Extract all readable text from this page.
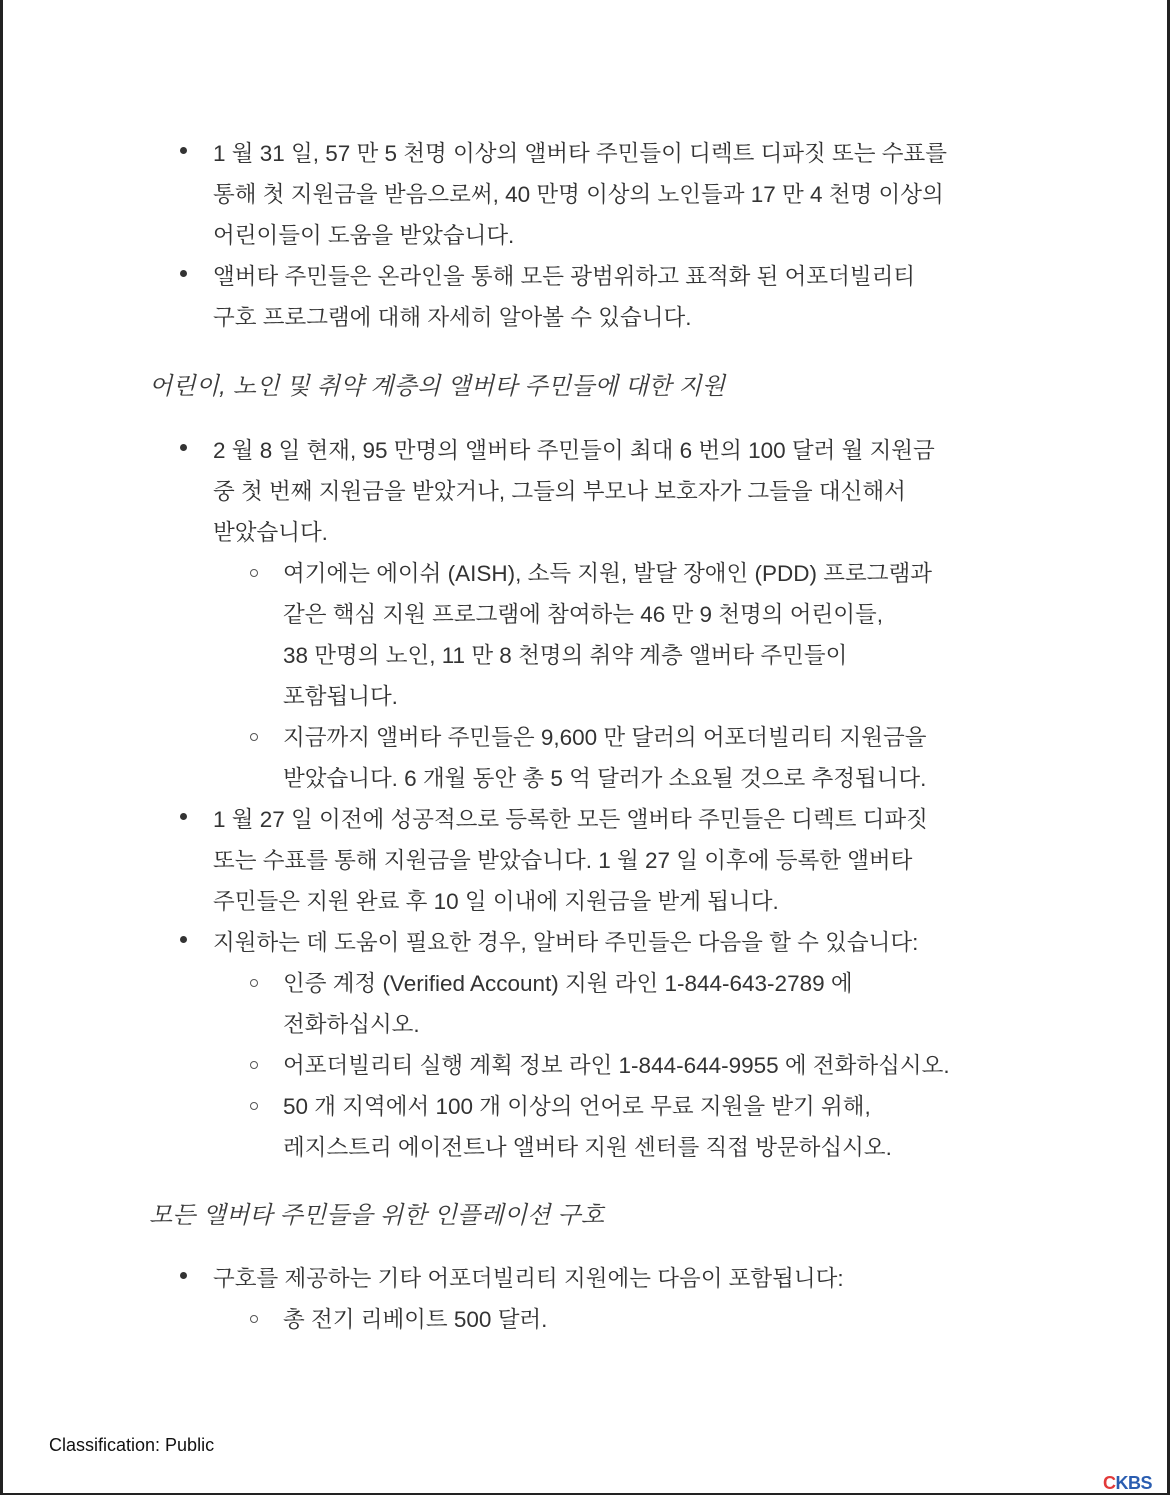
1 월 31 일, 57 만 5 천명 이상의 앨버타 주민들이 디렉트 디파짓 또는 수표를
통해 첫 지원금을 받음으로써, 40 만명 이상의 노인들과 17 만 4 천명 이상의
어린이들이 도움을 받았습니다.
앨버타 주민들은 온라인을 통해 모든 광범위하고 표적화 된 어포더빌리티
구호 프로그램에 대해 자세히 알아볼 수 있습니다.
어린이, 노인 및 취약 계층의 앨버타 주민들에 대한 지원
2 월 8 일 현재, 95 만명의 앨버타 주민들이 최대 6 번의 100 달러 월 지원금
중 첫 번째 지원금을 받았거나, 그들의 부모나 보호자가 그들을 대신해서
받았습니다.
여기에는 에이쉬 (AISH), 소득 지원, 발달 장애인 (PDD) 프로그램과
같은 핵심 지원 프로그램에 참여하는 46 만 9 천명의 어린이들,
38 만명의 노인, 11 만 8 천명의 취약 계층 앨버타 주민들이
포함됩니다.
지금까지 앨버타 주민들은 9,600 만 달러의 어포더빌리티 지원금을
받았습니다. 6 개월 동안 총 5 억 달러가 소요될 것으로 추정됩니다.
1 월 27 일 이전에 성공적으로 등록한 모든 앨버타 주민들은 디렉트 디파짓
또는 수표를 통해 지원금을 받았습니다. 1 월 27 일 이후에 등록한 앨버타
주민들은 지원 완료 후 10 일 이내에 지원금을 받게 됩니다.
지원하는 데 도움이 필요한 경우, 알버타 주민들은 다음을 할 수 있습니다:
인증 계정 (Verified Account) 지원 라인 1-844-643-2789 에
전화하십시오.
어포더빌리티 실행 계획 정보 라인 1-844-644-9955 에 전화하십시오.
50 개 지역에서 100 개 이상의 언어로 무료 지원을 받기 위해,
레지스트리 에이전트나 앨버타 지원 센터를 직접 방문하십시오.
모든 앨버타 주민들을 위한 인플레이션 구호
구호를 제공하는 기타 어포더빌리티 지원에는 다음이 포함됩니다:
총 전기 리베이트 500 달러.
Classification: Public
CKBS
